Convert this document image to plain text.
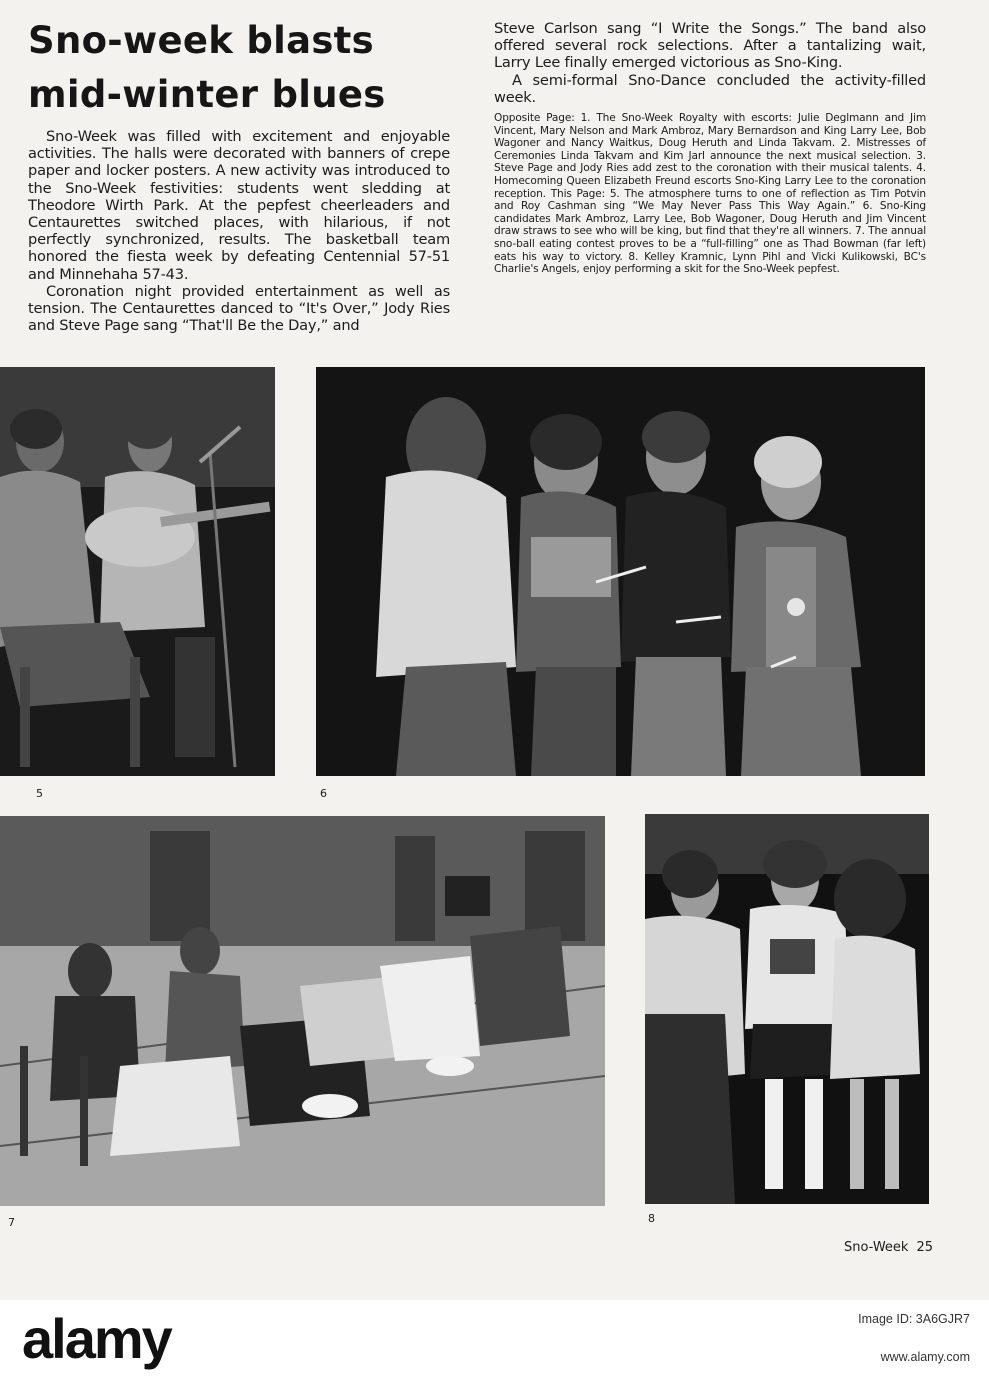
Sno-week blasts
mid-winter blues

Sno-Week was filled with excitement and enjoyable activities. The halls were decorated with banners of crepe paper and locker posters. A new activity was introduced to the Sno-Week festivities: students went sledding at Theodore Wirth Park. At the pepfest cheerleaders and Centaurettes switched places, with hilarious, if not perfectly synchronized, results. The basketball team honored the fiesta week by defeating Centennial 57-51 and Minnehaha 57-43.

Coronation night provided entertainment as well as tension. The Centaurettes danced to “It's Over,” Jody Ries and Steve Page sang “That'll Be the Day,” and

Steve Carlson sang “I Write the Songs.” The band also offered several rock selections. After a tantalizing wait, Larry Lee finally emerged victorious as Sno-King.

A semi-formal Sno-Dance concluded the activity-filled week.

Opposite Page: 1. The Sno-Week Royalty with escorts: Julie Deglmann and Jim Vincent, Mary Nelson and Mark Ambroz, Mary Bernardson and King Larry Lee, Bob Wagoner and Nancy Waitkus, Doug Heruth and Linda Takvam. 2. Mistresses of Ceremonies Linda Takvam and Kim Jarl announce the next musical selection. 3. Steve Page and Jody Ries add zest to the coronation with their musical talents. 4. Homecoming Queen Elizabeth Freund escorts Sno-King Larry Lee to the coronation reception. This Page: 5. The atmosphere turns to one of reflection as Tim Potvin and Roy Cashman sing “We May Never Pass This Way Again.” 6. Sno-King candidates Mark Ambroz, Larry Lee, Bob Wagoner, Doug Heruth and Jim Vincent draw straws to see who will be king, but find that they're all winners. 7. The annual sno-ball eating contest proves to be a “full-filling” one as Thad Bowman (far left) eats his way to victory. 8. Kelley Kramnic, Lynn Pihl and Vicki Kulikowski, BC's Charlie's Angels, enjoy performing a skit for the Sno-Week pepfest.

5	6
7	8
Sno-Week 25
alamy	Image ID: 3A6GJR7
www.alamy.com
